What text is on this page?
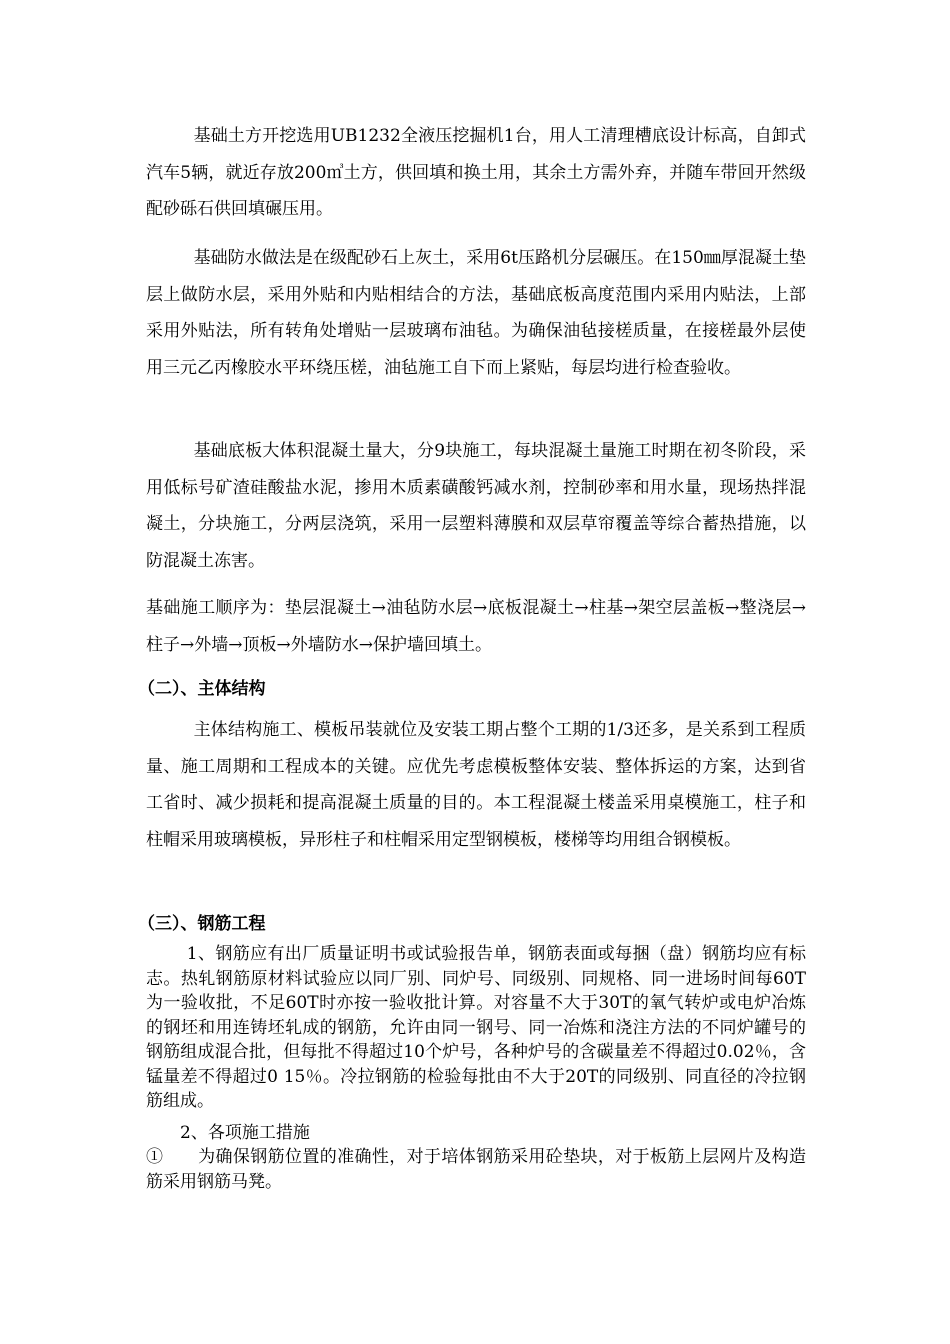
基础土方开挖选用UB1232全液压挖掘机1台，用人工清理槽底设计标高，自卸式汽车5辆，就近存放200㎥土方，供回填和换土用，其余土方需外弃，并随车带回开然级配砂砾石供回填碾压用。

基础防水做法是在级配砂石上灰土，采用6t压路机分层碾压。在150㎜厚混凝土垫层上做防水层，采用外贴和内贴相结合的方法，基础底板高度范围内采用内贴法，上部采用外贴法，所有转角处增贴一层玻璃布油毡。为确保油毡接槎质量，在接槎最外层使用三元乙丙橡胶水平环绕压槎，油毡施工自下而上紧贴，每层均进行检查验收。

基础底板大体积混凝土量大，分9块施工，每块混凝土量施工时期在初冬阶段，采用低标号矿渣硅酸盐水泥，掺用木质素磺酸钙减水剂，控制砂率和用水量，现场热拌混凝土，分块施工，分两层浇筑，采用一层塑料薄膜和双层草帘覆盖等综合蓄热措施，以防混凝土冻害。

基础施工顺序为：垫层混凝土→油毡防水层→底板混凝土→柱基→架空层盖板→整浇层→柱子→外墙→顶板→外墙防水→保护墙回填土。

（二）、主体结构

主体结构施工、模板吊装就位及安装工期占整个工期的1/3还多，是关系到工程质量、施工周期和工程成本的关键。应优先考虑模板整体安装、整体拆运的方案，达到省工省时、减少损耗和提高混凝土质量的目的。本工程混凝土楼盖采用桌模施工，柱子和柱帽采用玻璃模板，异形柱子和柱帽采用定型钢模板，楼梯等均用组合钢模板。

（三）、钢筋工程

1、钢筋应有出厂质量证明书或试验报告单，钢筋表面或每捆（盘）钢筋均应有标志。热轧钢筋原材料试验应以同厂别、同炉号、同级别、同规格、同一进场时间每60T为一验收批，不足60T时亦按一验收批计算。对容量不大于30T的氧气转炉或电炉冶炼的钢坯和用连铸坯轧成的钢筋，允许由同一钢号、同一冶炼和浇注方法的不同炉罐号的钢筋组成混合批，但每批不得超过10个炉号，各种炉号的含碳量差不得超过0.02％，含锰量差不得超过0 15％。冷拉钢筋的检验每批由不大于20T的同级别、同直径的冷拉钢筋组成。

2、各项施工措施

①　　为确保钢筋位置的准确性，对于培体钢筋采用砼垫块，对于板筋上层网片及构造筋采用钢筋马凳。
